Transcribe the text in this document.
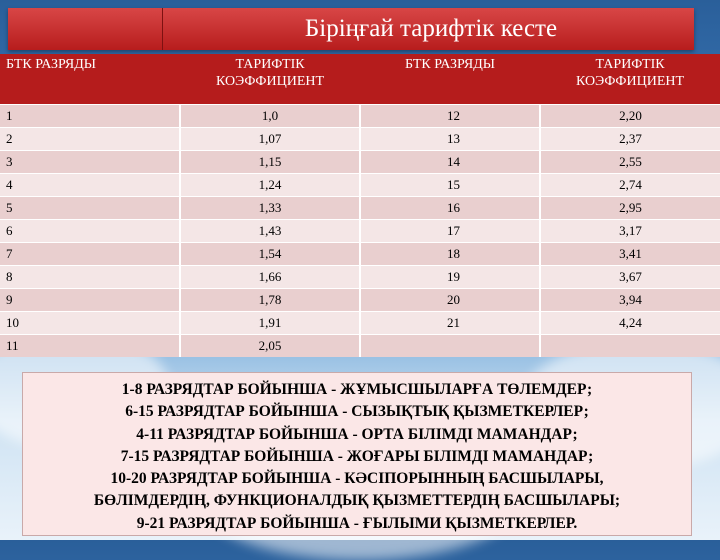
Біріңғай тарифтік кесте
БТК РАЗРЯДЫ	ТАРИФТІК КОЭФФИЦИЕНТ	БТК РАЗРЯДЫ	ТАРИФТІК КОЭФФИЦИЕНТ
1	1,0	12	2,20
2	1,07	13	2,37
3	1,15	14	2,55
4	1,24	15	2,74
5	1,33	16	2,95
6	1,43	17	3,17
7	1,54	18	3,41
8	1,66	19	3,67
9	1,78	20	3,94
10	1,91	21	4,24
11	2,05		
1-8 РАЗРЯДТАР БОЙЫНША - ЖҰМЫСШЫЛАРҒА ТӨЛЕМДЕР;
6-15 РАЗРЯДТАР БОЙЫНША - СЫЗЫҚТЫҚ ҚЫЗМЕТКЕРЛЕР;
4-11 РАЗРЯДТАР БОЙЫНША - ОРТА БІЛІМДІ МАМАНДАР;
7-15 РАЗРЯДТАР БОЙЫНША - ЖОҒАРЫ БІЛІМДІ МАМАНДАР;
10-20 РАЗРЯДТАР БОЙЫНША - КӘСІПОРЫННЫҢ БАСШЫЛАРЫ,
БӨЛІМДЕРДІҢ, ФУНКЦИОНАЛДЫҚ ҚЫЗМЕТТЕРДІҢ БАСШЫЛАРЫ;
9-21 РАЗРЯДТАР БОЙЫНША - ҒЫЛЫМИ ҚЫЗМЕТКЕРЛЕР.
